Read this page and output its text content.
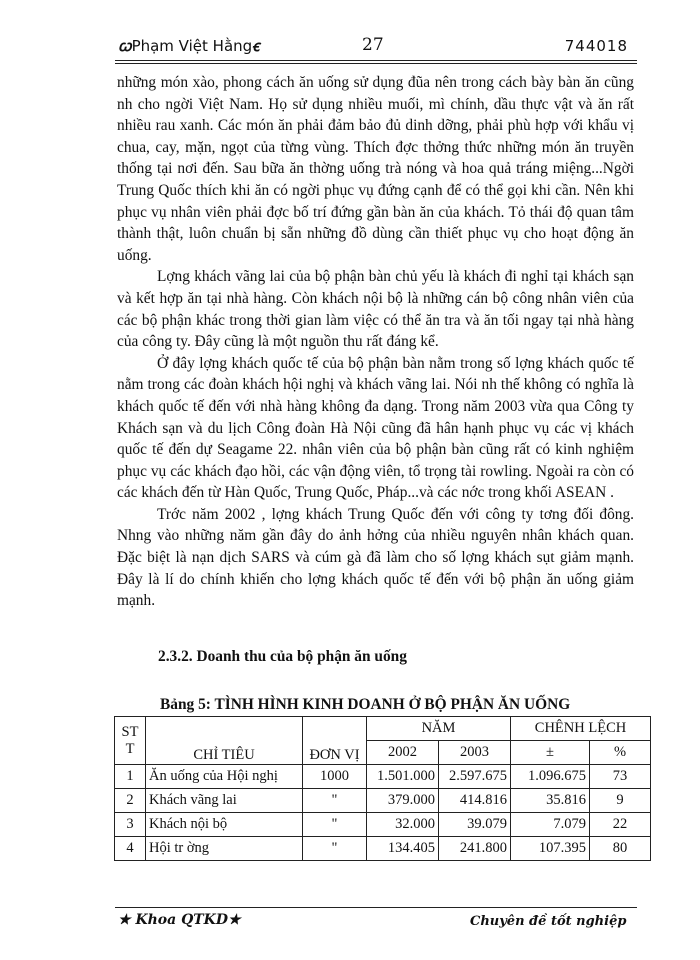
ꞷPhạm Việt Hằngꞓ	27	744018

những món xào, phong cách ăn uống sử dụng đũa nên trong cách bày bàn ăn cũng nh cho ngời Việt Nam. Họ sử dụng nhiều muối, mì chính, dầu thực vật và ăn rất nhiều rau xanh. Các món ăn phải đảm bảo đủ dinh dỡng, phải phù hợp với khẩu vị chua, cay, mặn, ngọt của từng vùng. Thích đợc thởng thức những món ăn truyền thống tại nơi đến. Sau bữa ăn thờng uống trà nóng và hoa quả tráng miệng...Ngời Trung Quốc thích khi ăn có ngời phục vụ đứng cạnh để có thể gọi khi cần. Nên khi phục vụ nhân viên phải đợc bố trí đứng gần bàn ăn của khách. Tỏ thái độ quan tâm thành thật, luôn chuẩn bị sẵn những đồ dùng cần thiết phục vụ cho hoạt động ăn uống.

Lợng khách vãng lai của bộ phận bàn chủ yếu là khách đi nghỉ tại khách sạn và kết hợp ăn tại nhà hàng. Còn khách nội bộ là những cán bộ công nhân viên của các bộ phận khác trong thời gian làm việc có thể ăn tra và ăn tối ngay tại nhà hàng của công ty. Đây cũng là một nguồn thu rất đáng kể.

Ở đây lợng khách quốc tế của bộ phận bàn nằm trong số lợng khách quốc tế nằm trong các đoàn khách hội nghị và khách vãng lai. Nói nh thế không có nghĩa là khách quốc tế đến với nhà hàng không đa dạng. Trong năm 2003 vừa qua Công ty Khách sạn và du lịch Công đoàn Hà Nội cũng đã hân hạnh phục vụ các vị khách quốc tế đến dự Seagame 22. nhân viên của bộ phận bàn cũng rất có kinh nghiệm phục vụ các khách đạo hồi, các vận động viên, tổ trọng tài rowling. Ngoài ra còn có các khách đến từ Hàn Quốc, Trung Quốc, Pháp...và các nớc trong khối ASEAN .

Trớc năm 2002 , lợng khách Trung Quốc đến với công ty tơng đối đông. Nhng vào những năm gần đây do ảnh hởng của nhiều nguyên nhân khách quan. Đặc biệt là nạn dịch SARS và cúm gà đã làm cho số lợng khách sụt giảm mạnh. Đây là lí do chính khiến cho lợng khách quốc tế đến với bộ phận ăn uống giảm mạnh.

2.3.2. Doanh thu của bộ phận ăn uống
Bảng 5: TÌNH HÌNH KINH DOANH Ở BỘ PHẬN ĂN UỐNG
ST T	CHỈ TIÊU	ĐƠN VỊ	NĂM		CHÊNH LỆCH	
			2002	2003	±	%
1	Ăn uống của Hội nghị	1000	1.501.000	2.597.675	1.096.675	73
2	Khách vãng lai	"	379.000	414.816	35.816	9
3	Khách nội bộ	"	32.000	39.079	7.079	22
4	Hội tr ờng	"	134.405	241.800	107.395	80
★ Khoa QTKD★	Chuyên đề tốt nghiệp
